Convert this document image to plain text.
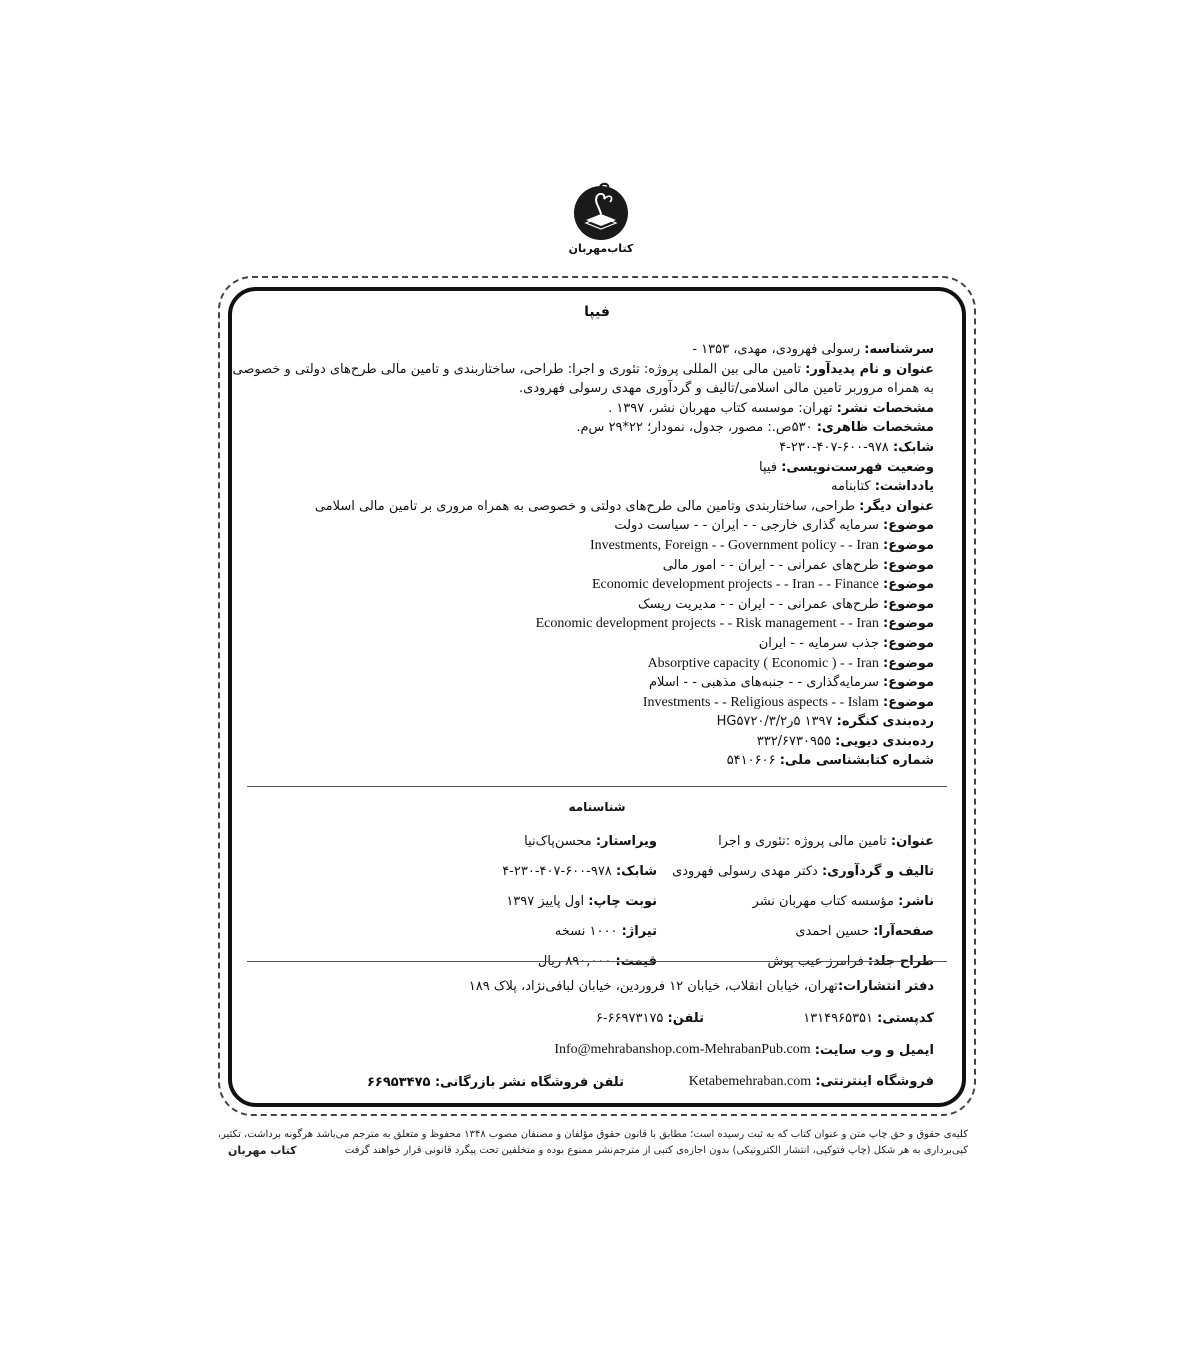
کتاب‌مهربان
فیپا
سرشناسه: رسولی فهرودی، مهدی، ۱۳۵۳ -
عنوان و نام پدیدآور: تامین مالی بین المللی پروژه: تئوری و اجرا: طراحی، ساختاربندی و تامین مالی طرح‌های دولتی و خصوصی
به همراه مروربر تامین مالی اسلامی/تالیف و گردآوری مهدی رسولی فهرودی.
مشخصات نشر: تهران: موسسه کتاب مهربان نشر، ۱۳۹۷ .
مشخصات ظاهری: ۵۳۰ص.: مصور، جدول، نمودار؛ ۲۲*۲۹ س‌م.
شابک: ۹۷۸-۶۰۰-۴۰۷-۲۳۰-۴
وضعیت فهرست‌نویسی: فیپا
یادداشت: کتابنامه
عنوان دیگر: طراحی، ساختاربندی وتامین مالی طرح‌های دولتی و خصوصی به همراه مروری بر تامین مالی اسلامی
موضوع: سرمایه گذاری خارجی - - ایران - - سیاست دولت
موضوع: Investments, Foreign - - Government policy - - Iran
موضوع: طرح‌های عمرانی - - ایران - - امور مالی
موضوع: Economic development projects - - Iran - - Finance
موضوع: طرح‌های عمرانی - - ایران - - مدیریت ریسک
موضوع: Economic development projects - - Risk management - - Iran
موضوع: جذب سرمایه - - ایران
موضوع: Absorptive capacity ( Economic ) - - Iran
موضوع: سرمایه‌گذاری - - جنبه‌های مذهبی - - اسلام
موضوع: Investments - - Religious aspects - - Islam
رده‌بندی کنگره: ۱۳۹۷ ۵ر۳/۲/HG۵۷۲۰
رده‌بندی دیویی: ۳۳۲/۶۷۳۰۹۵۵
شماره کتابشناسی ملی: ۵۴۱۰۶۰۶
شناسنامه
عنوان: تامین مالی پروژه :تئوری و اجرا
ویراستار: محسن‌پاک‌نیا
تالیف و گردآوری: دکتر مهدی رسولی فهرودی
شابک: ۹۷۸-۶۰۰-۴۰۷-۲۳۰-۴
ناشر: مؤسسه کتاب مهربان نشر
نوبت چاپ: اول پاییز ۱۳۹۷
صفحه‌آرا: حسین احمدی
تیراژ: ۱۰۰۰ نسخه
طراح جلد: فرامرز عیب پوش
قیمت: ۸۹۰,۰۰۰ ریال
دفتر انتشارات:
تهران، خیابان انقلاب، خیابان ۱۲ فروردین، خیابان لبافی‌نژاد، پلاک ۱۸۹
کدپستی: ۱۳۱۴۹۶۵۳۵۱
تلفن: ۶۶۹۷۳۱۷۵-۶
ایمیل و وب سایت:

Info@mehrabanshop.com-MehrabanPub.com
فروشگاه اینترنتی: Ketabemehraban.com
تلفن فروشگاه نشر بازرگانی: ۶۶۹۵۳۴۷۵
کلیه‌ی حقوق و حق چاپ متن و عنوان کتاب که به ثبت رسیده است؛ مطابق با قانون حقوق مؤلفان و مصنفان مصوب ۱۳۴۸ محفوظ و متعلق به مترجم می‌باشد هرگونه برداشت، تکثیر،
کپی‌برداری به هر شکل (چاپ فتوکپی، انتشار الکترونیکی) بدون اجازه‌ی کتبی از مترجم‌نشر ممنوع بوده و متخلفین تحت پیگرد قانونی قرار خواهند گرفت
کتاب مهربان
